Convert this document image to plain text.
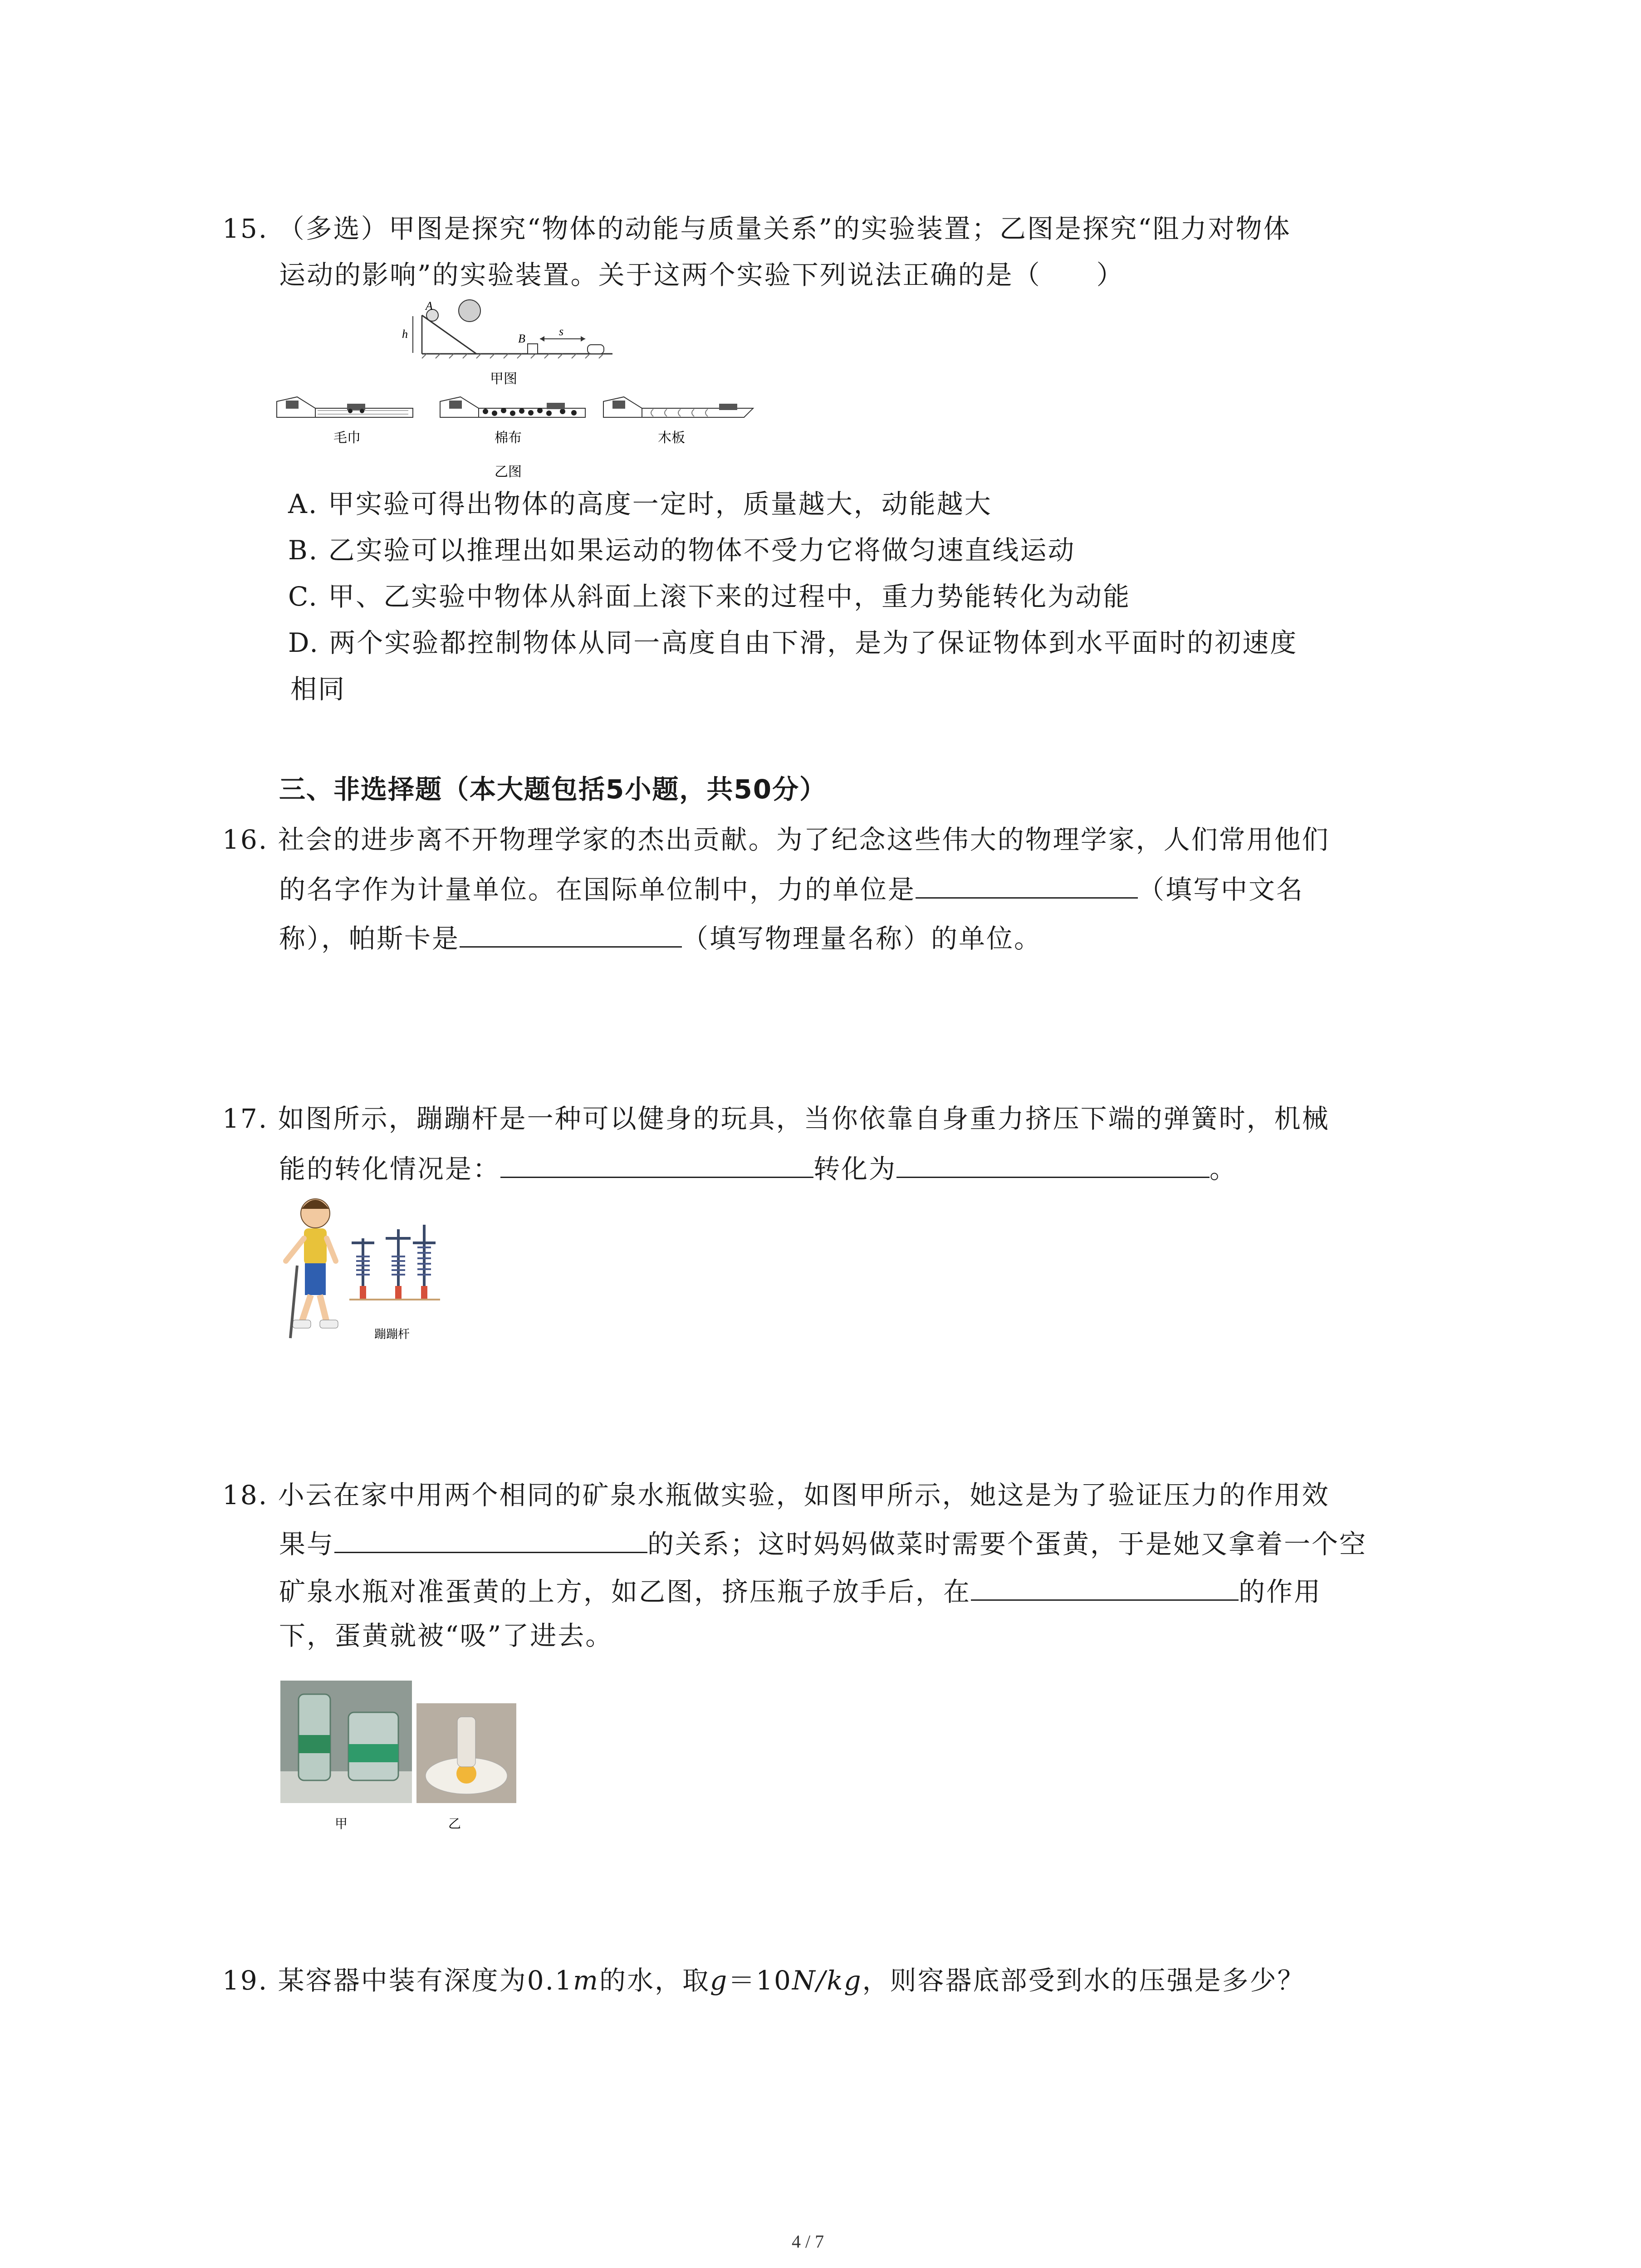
15. （多选）甲图是探究“物体的动能与质量关系”的实验装置；乙图是探究“阻力对物体
运动的影响”的实验装置。关于这两个实验下列说法正确的是（　　）
A
B
h	s
甲图
毛巾	棉布	木板
乙图
A. 甲实验可得出物体的高度一定时，质量越大，动能越大
B. 乙实验可以推理出如果运动的物体不受力它将做匀速直线运动
C. 甲、乙实验中物体从斜面上滚下来的过程中，重力势能转化为动能
D. 两个实验都控制物体从同一高度自由下滑，是为了保证物体到水平面时的初速度
相同
三、非选择题（本大题包括5小题，共50分）
16. 社会的进步离不开物理学家的杰出贡献。为了纪念这些伟大的物理学家，人们常用他们
的名字作为计量单位。在国际单位制中，力的单位是	（填写中文名
称），帕斯卡是	（填写物理量名称）的单位。
17. 如图所示，蹦蹦杆是一种可以健身的玩具，当你依靠自身重力挤压下端的弹簧时，机械
能的转化情况是：	转化为	。
蹦蹦杆
18. 小云在家中用两个相同的矿泉水瓶做实验，如图甲所示，她这是为了验证压力的作用效
果与	的关系；这时妈妈做菜时需要个蛋黄，于是她又拿着一个空
矿泉水瓶对准蛋黄的上方，如乙图，挤压瓶子放手后，在	的作用
下，蛋黄就被“吸”了进去。
甲	乙
19. 某容器中装有深度为0.1m的水，取g＝10N/kg，则容器底部受到水的压强是多少？
4 / 7
